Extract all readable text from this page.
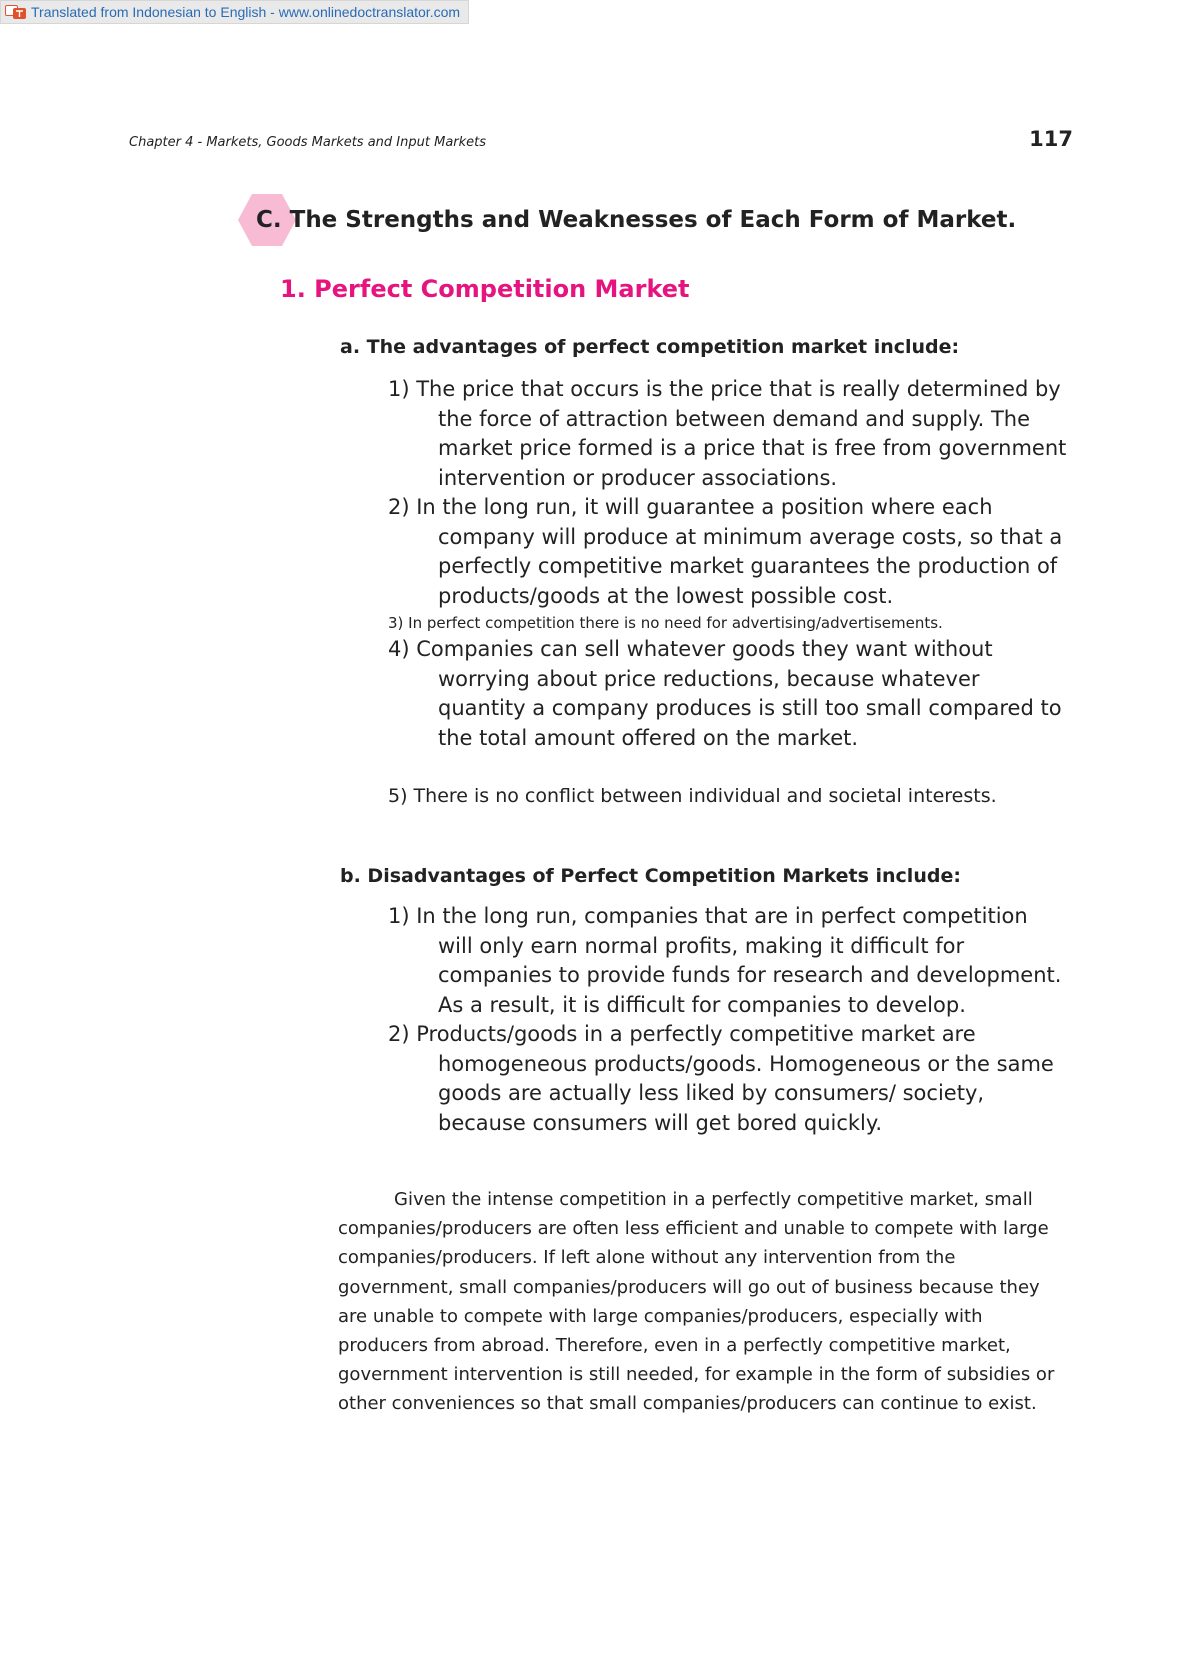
Translated from Indonesian to English - www.onlinedoctranslator.com
Chapter 4 - Markets, Goods Markets and Input Markets	117
C. The Strengths and Weaknesses of Each Form of Market.
1. Perfect Competition Market
a. The advantages of perfect competition market include:
1) The price that occurs is the price that is really determined by the force of attraction between demand and supply. The market price formed is a price that is free from government intervention or producer associations.
2) In the long run, it will guarantee a position where each company will produce at minimum average costs, so that a perfectly competitive market guarantees the production of products/goods at the lowest possible cost.
3) In perfect competition there is no need for advertising/advertisements.
4) Companies can sell whatever goods they want without worrying about price reductions, because whatever quantity a company produces is still too small compared to the total amount offered on the market.
5) There is no conflict between individual and societal interests.
b. Disadvantages of Perfect Competition Markets include:
1) In the long run, companies that are in perfect competition will only earn normal profits, making it difficult for companies to provide funds for research and development. As a result, it is difficult for companies to develop.
2) Products/goods in a perfectly competitive market are homogeneous products/goods. Homogeneous or the same goods are actually less liked by consumers/ society, because consumers will get bored quickly.
Given the intense competition in a perfectly competitive market, small companies/producers are often less efficient and unable to compete with large companies/producers. If left alone without any intervention from the government, small companies/producers will go out of business because they are unable to compete with large companies/producers, especially with producers from abroad. Therefore, even in a perfectly competitive market, government intervention is still needed, for example in the form of subsidies or other conveniences so that small companies/producers can continue to exist.
